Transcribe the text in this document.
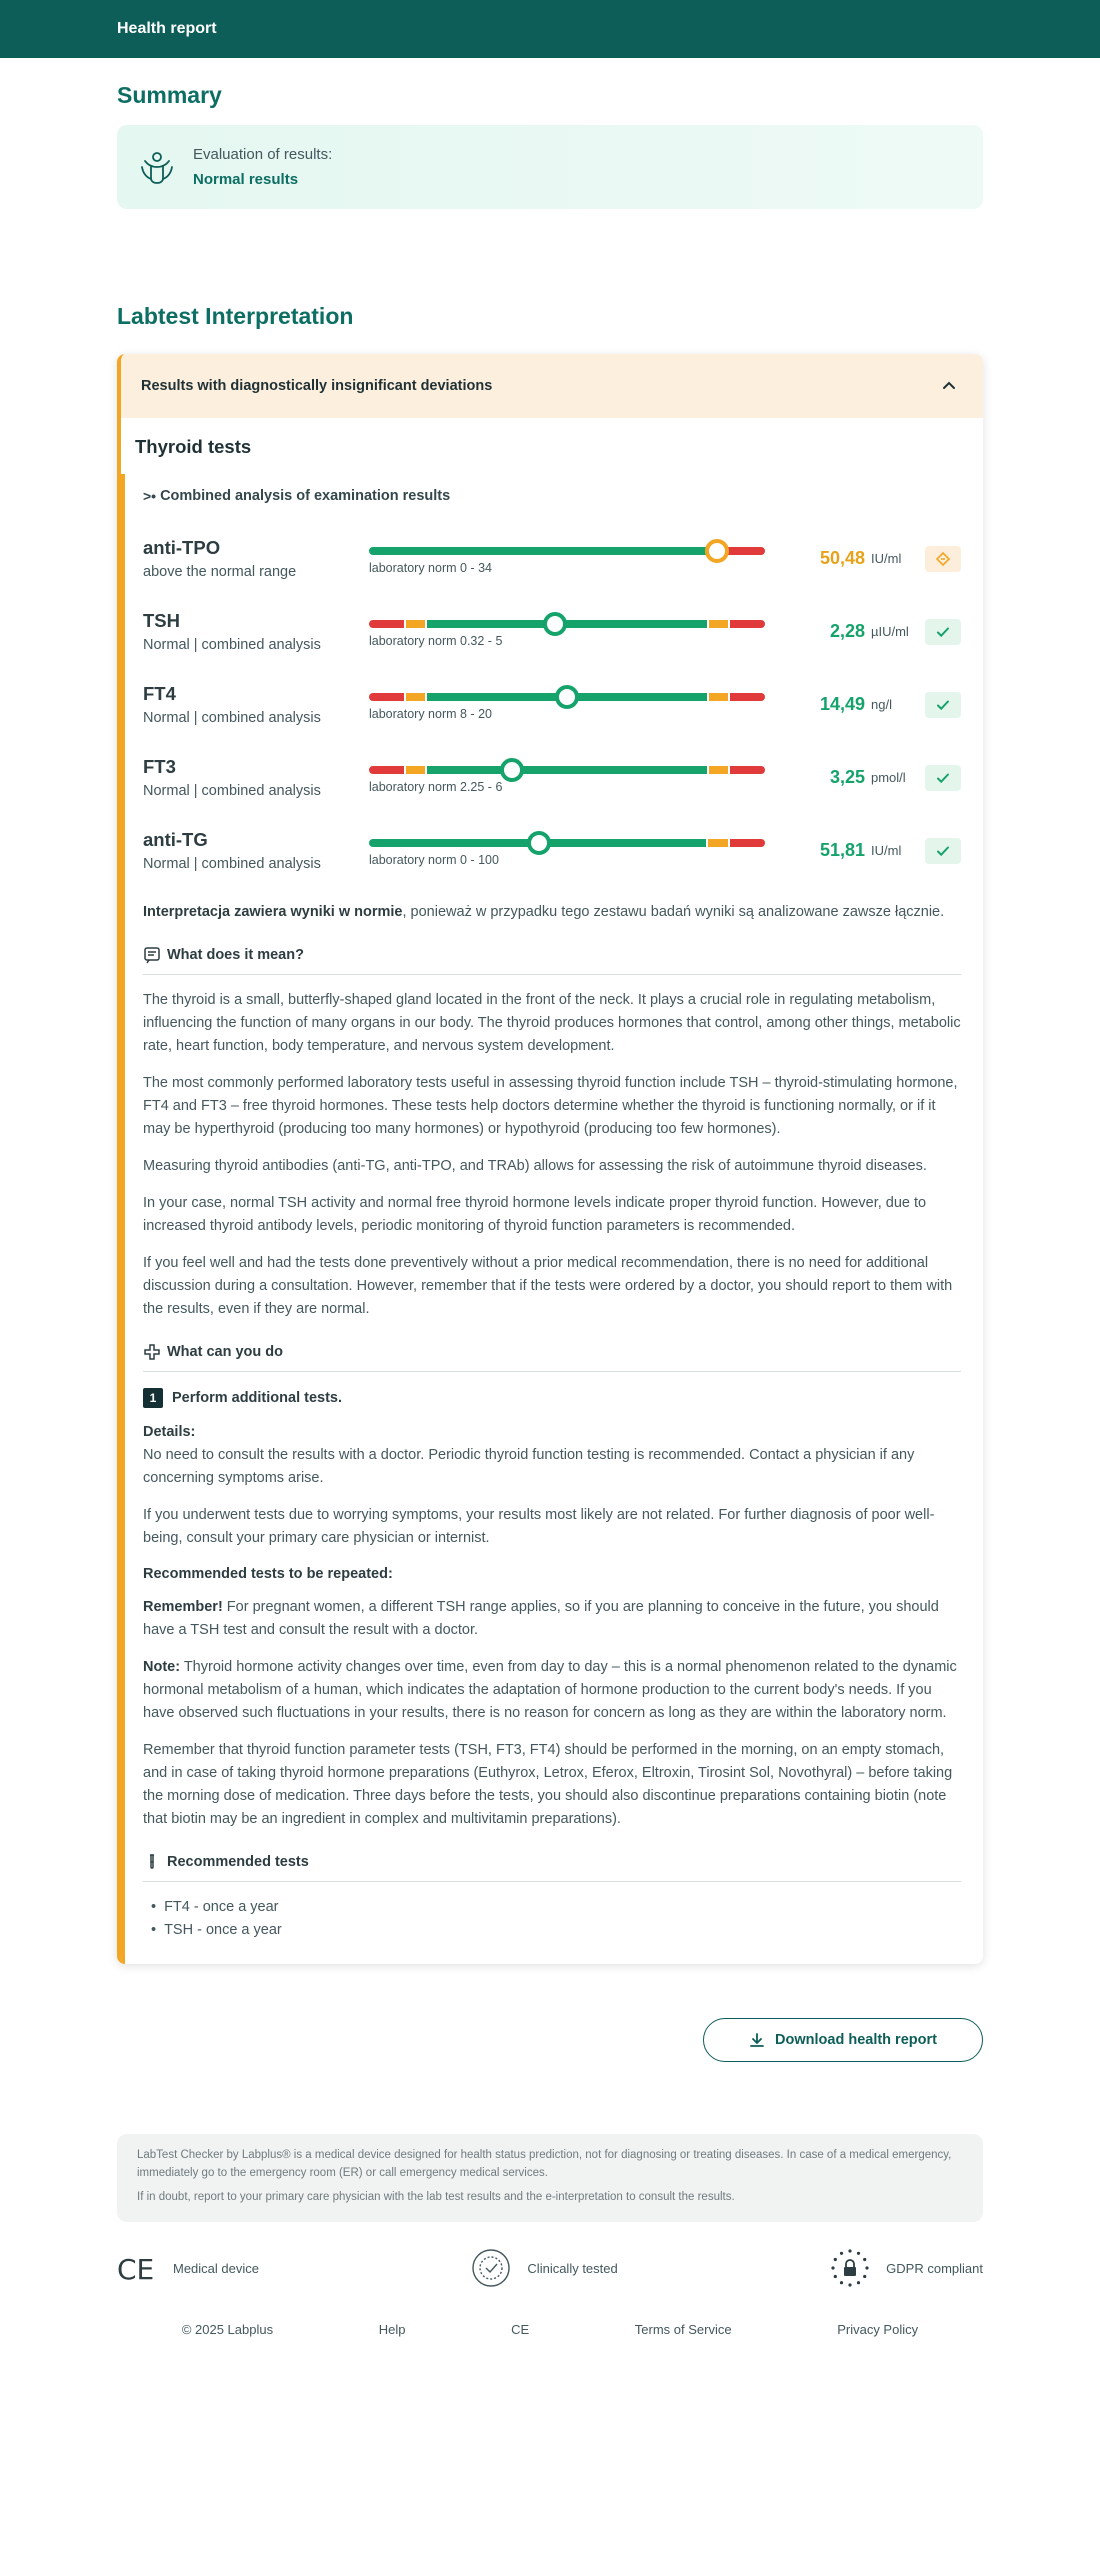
Health report
Summary
Evaluation of results:
Normal results
Labtest Interpretation
Results with diagnostically insignificant deviations
Thyroid tests
>• Combined analysis of examination results
anti-TPO
above the normal range	laboratory norm 0 - 34	50,48 IU/ml
TSH
Normal | combined analysis	laboratory norm 0.32 - 5	2,28 µIU/ml
FT4
Normal | combined analysis	laboratory norm 8 - 20	14,49 ng/l
FT3
Normal | combined analysis	laboratory norm 2.25 - 6	3,25 pmol/l
anti-TG
Normal | combined analysis	laboratory norm 0 - 100	51,81 IU/ml

Interpretacja zawiera wyniki w normie, ponieważ w przypadku tego zestawu badań wyniki są analizowane zawsze łącznie.

What does it mean?

The thyroid is a small, butterfly-shaped gland located in the front of the neck. It plays a crucial role in regulating metabolism, influencing the function of many organs in our body. The thyroid produces hormones that control, among other things, metabolic rate, heart function, body temperature, and nervous system development.

The most commonly performed laboratory tests useful in assessing thyroid function include TSH – thyroid-stimulating hormone, FT4 and FT3 – free thyroid hormones. These tests help doctors determine whether the thyroid is functioning normally, or if it may be hyperthyroid (producing too many hormones) or hypothyroid (producing too few hormones).

Measuring thyroid antibodies (anti-TG, anti-TPO, and TRAb) allows for assessing the risk of autoimmune thyroid diseases.

In your case, normal TSH activity and normal free thyroid hormone levels indicate proper thyroid function. However, due to increased thyroid antibody levels, periodic monitoring of thyroid function parameters is recommended.

If you feel well and had the tests done preventively without a prior medical recommendation, there is no need for additional discussion during a consultation. However, remember that if the tests were ordered by a doctor, you should report to them with the results, even if they are normal.

What can you do
1	Perform additional tests.
Details:

No need to consult the results with a doctor. Periodic thyroid function testing is recommended. Contact a physician if any concerning symptoms arise.

If you underwent tests due to worrying symptoms, your results most likely are not related. For further diagnosis of poor well-being, consult your primary care physician or internist.

Recommended tests to be repeated:

Remember! For pregnant women, a different TSH range applies, so if you are planning to conceive in the future, you should have a TSH test and consult the result with a doctor.

Note: Thyroid hormone activity changes over time, even from day to day – this is a normal phenomenon related to the dynamic hormonal metabolism of a human, which indicates the adaptation of hormone production to the current body's needs. If you have observed such fluctuations in your results, there is no reason for concern as long as they are within the laboratory norm.

Remember that thyroid function parameter tests (TSH, FT3, FT4) should be performed in the morning, on an empty stomach, and in case of taking thyroid hormone preparations (Euthyrox, Letrox, Eferox, Eltroxin, Tirosint Sol, Novothyral) – before taking the morning dose of medication. Three days before the tests, you should also discontinue preparations containing biotin (note that biotin may be an ingredient in complex and multivitamin preparations).

Recommended tests
• FT4 - once a year
• TSH - once a year
Download health report

LabTest Checker by Labplus® is a medical device designed for health status prediction, not for diagnosing or treating diseases. In case of a medical emergency, immediately go to the emergency room (ER) or call emergency medical services.

If in doubt, report to your primary care physician with the lab test results and the e-interpretation to consult the results.

CE Medical device	Clinically tested	GDPR compliant
© 2025 Labplus	Help	CE	Terms of Service	Privacy Policy
